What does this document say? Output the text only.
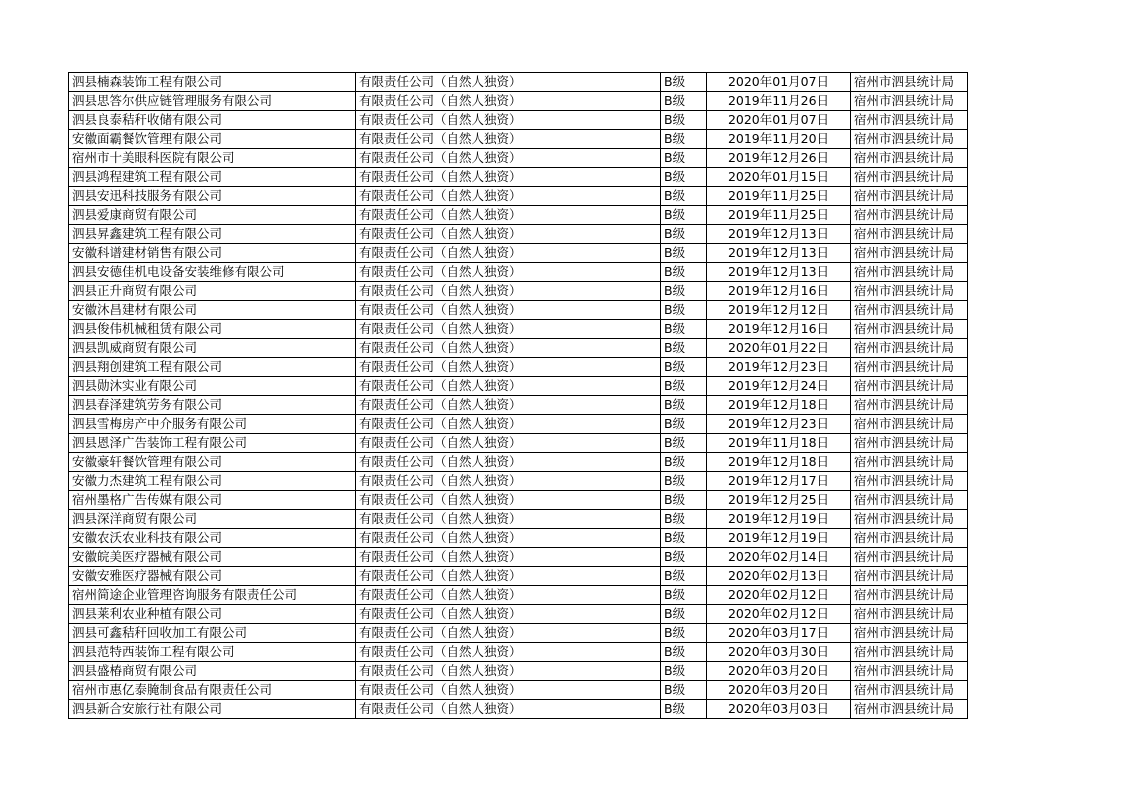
泗县楠森装饰工程有限公司	有限责任公司（自然人独资）	B级	2020年01月07日	宿州市泗县统计局
泗县思答尔供应链管理服务有限公司	有限责任公司（自然人独资）	B级	2019年11月26日	宿州市泗县统计局
泗县良泰秸秆收储有限公司	有限责任公司（自然人独资）	B级	2020年01月07日	宿州市泗县统计局
安徽面霸餐饮管理有限公司	有限责任公司（自然人独资）	B级	2019年11月20日	宿州市泗县统计局
宿州市十美眼科医院有限公司	有限责任公司（自然人独资）	B级	2019年12月26日	宿州市泗县统计局
泗县鸿程建筑工程有限公司	有限责任公司（自然人独资）	B级	2020年01月15日	宿州市泗县统计局
泗县安迅科技服务有限公司	有限责任公司（自然人独资）	B级	2019年11月25日	宿州市泗县统计局
泗县爱康商贸有限公司	有限责任公司（自然人独资）	B级	2019年11月25日	宿州市泗县统计局
泗县昇鑫建筑工程有限公司	有限责任公司（自然人独资）	B级	2019年12月13日	宿州市泗县统计局
安徽科谱建材销售有限公司	有限责任公司（自然人独资）	B级	2019年12月13日	宿州市泗县统计局
泗县安德佳机电设备安装维修有限公司	有限责任公司（自然人独资）	B级	2019年12月13日	宿州市泗县统计局
泗县正升商贸有限公司	有限责任公司（自然人独资）	B级	2019年12月16日	宿州市泗县统计局
安徽沐昌建材有限公司	有限责任公司（自然人独资）	B级	2019年12月12日	宿州市泗县统计局
泗县俊伟机械租赁有限公司	有限责任公司（自然人独资）	B级	2019年12月16日	宿州市泗县统计局
泗县凯威商贸有限公司	有限责任公司（自然人独资）	B级	2020年01月22日	宿州市泗县统计局
泗县翔创建筑工程有限公司	有限责任公司（自然人独资）	B级	2019年12月23日	宿州市泗县统计局
泗县勋沐实业有限公司	有限责任公司（自然人独资）	B级	2019年12月24日	宿州市泗县统计局
泗县春泽建筑劳务有限公司	有限责任公司（自然人独资）	B级	2019年12月18日	宿州市泗县统计局
泗县雪梅房产中介服务有限公司	有限责任公司（自然人独资）	B级	2019年12月23日	宿州市泗县统计局
泗县恩泽广告装饰工程有限公司	有限责任公司（自然人独资）	B级	2019年11月18日	宿州市泗县统计局
安徽豪轩餐饮管理有限公司	有限责任公司（自然人独资）	B级	2019年12月18日	宿州市泗县统计局
安徽力杰建筑工程有限公司	有限责任公司（自然人独资）	B级	2019年12月17日	宿州市泗县统计局
宿州墨格广告传媒有限公司	有限责任公司（自然人独资）	B级	2019年12月25日	宿州市泗县统计局
泗县深洋商贸有限公司	有限责任公司（自然人独资）	B级	2019年12月19日	宿州市泗县统计局
安徽农沃农业科技有限公司	有限责任公司（自然人独资）	B级	2019年12月19日	宿州市泗县统计局
安徽皖美医疗器械有限公司	有限责任公司（自然人独资）	B级	2020年02月14日	宿州市泗县统计局
安徽安雅医疗器械有限公司	有限责任公司（自然人独资）	B级	2020年02月13日	宿州市泗县统计局
宿州简途企业管理咨询服务有限责任公司	有限责任公司（自然人独资）	B级	2020年02月12日	宿州市泗县统计局
泗县莱利农业种植有限公司	有限责任公司（自然人独资）	B级	2020年02月12日	宿州市泗县统计局
泗县可鑫秸秆回收加工有限公司	有限责任公司（自然人独资）	B级	2020年03月17日	宿州市泗县统计局
泗县范特西装饰工程有限公司	有限责任公司（自然人独资）	B级	2020年03月30日	宿州市泗县统计局
泗县盛椿商贸有限公司	有限责任公司（自然人独资）	B级	2020年03月20日	宿州市泗县统计局
宿州市惠亿泰腌制食品有限责任公司	有限责任公司（自然人独资）	B级	2020年03月20日	宿州市泗县统计局
泗县新合安旅行社有限公司	有限责任公司（自然人独资）	B级	2020年03月03日	宿州市泗县统计局
